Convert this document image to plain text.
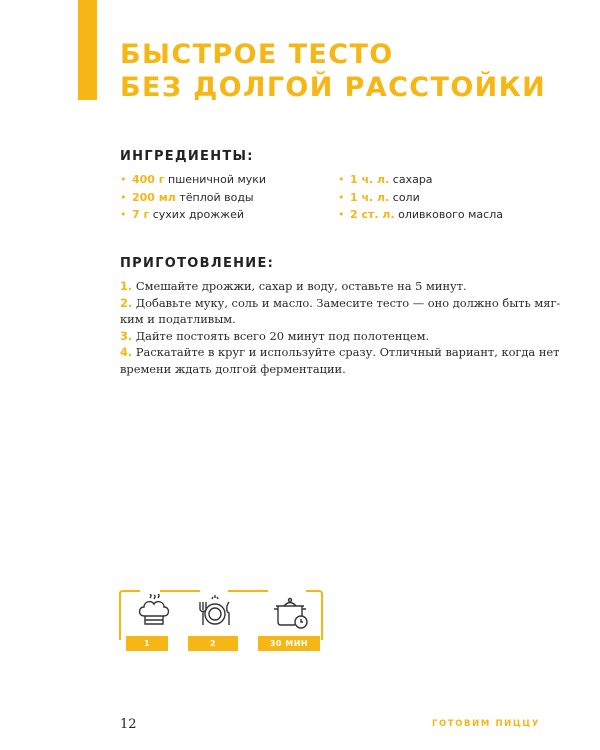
БЫСТРОЕ ТЕСТО
БЕЗ ДОЛГОЙ РАССТОЙКИ
ИНГРЕДИЕНТЫ:
• 400 г пшеничной муки
• 200 мл тёплой воды
• 7 г сухих дрожжей
• 1 ч. л. сахара
• 1 ч. л. соли
• 2 ст. л. оливкового масла
ПРИГОТОВЛЕНИЕ:

1. Смешайте дрожжи, сахар и воду, оставьте на 5 минут.

2. Добавьте муку, соль и масло. Замесите тесто — оно должно быть мяг-
ким и податливым.

3. Дайте постоять всего 20 минут под полотенцем.

4. Раскатайте в круг и используйте сразу. Отличный вариант, когда нет
времени ждать долгой ферментации.

1	2	30 МИН
12	ГОТОВИМ ПИЦЦУ
